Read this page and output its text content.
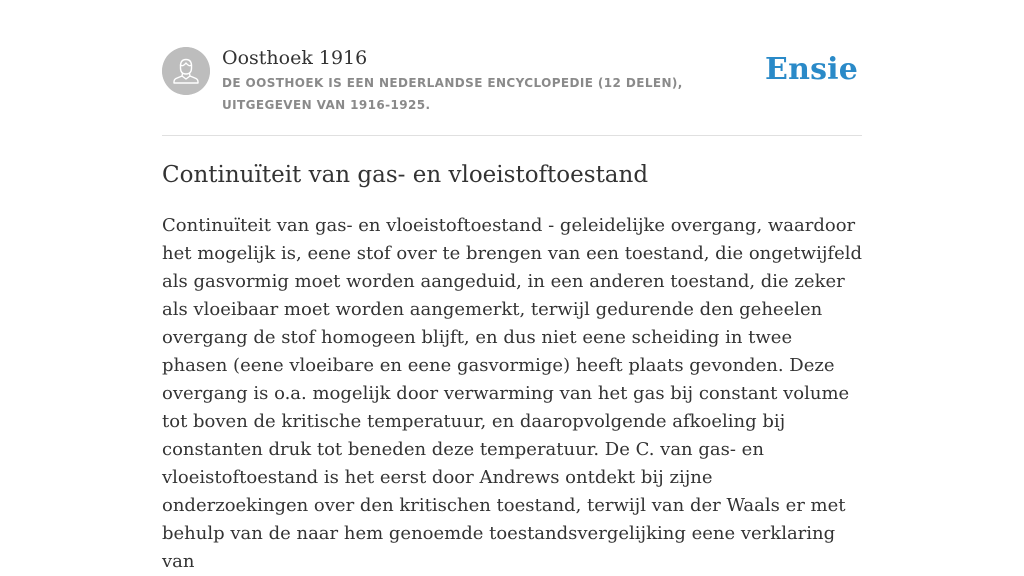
Oosthoek 1916
DE OOSTHOEK IS EEN NEDERLANDSE ENCYCLOPEDIE (12 DELEN), UITGEGEVEN VAN 1916-1925.
Ensie
Continuïteit van gas- en vloeistoftoestand

Continuïteit van gas- en vloeistoftoestand - geleidelijke overgang, waardoor het mogelijk is, eene stof over te brengen van een toestand, die ongetwijfeld als gasvormig moet worden aangeduid, in een anderen toestand, die zeker als vloeibaar moet worden aangemerkt, terwijl gedurende den geheelen overgang de stof homogeen blijft, en dus niet eene scheiding in twee phasen (eene vloeibare en eene gasvormige) heeft plaats gevonden. Deze overgang is o.a. mogelijk door verwarming van het gas bij constant volume tot boven de kritische temperatuur, en daaropvolgende afkoeling bij constanten druk tot beneden deze temperatuur. De C. van gas- en vloeistoftoestand is het eerst door Andrews ontdekt bij zijne onderzoekingen over den kritischen toestand, terwijl van der Waals er met behulp van de naar hem genoemde toestandsvergelijking eene verklaring van
